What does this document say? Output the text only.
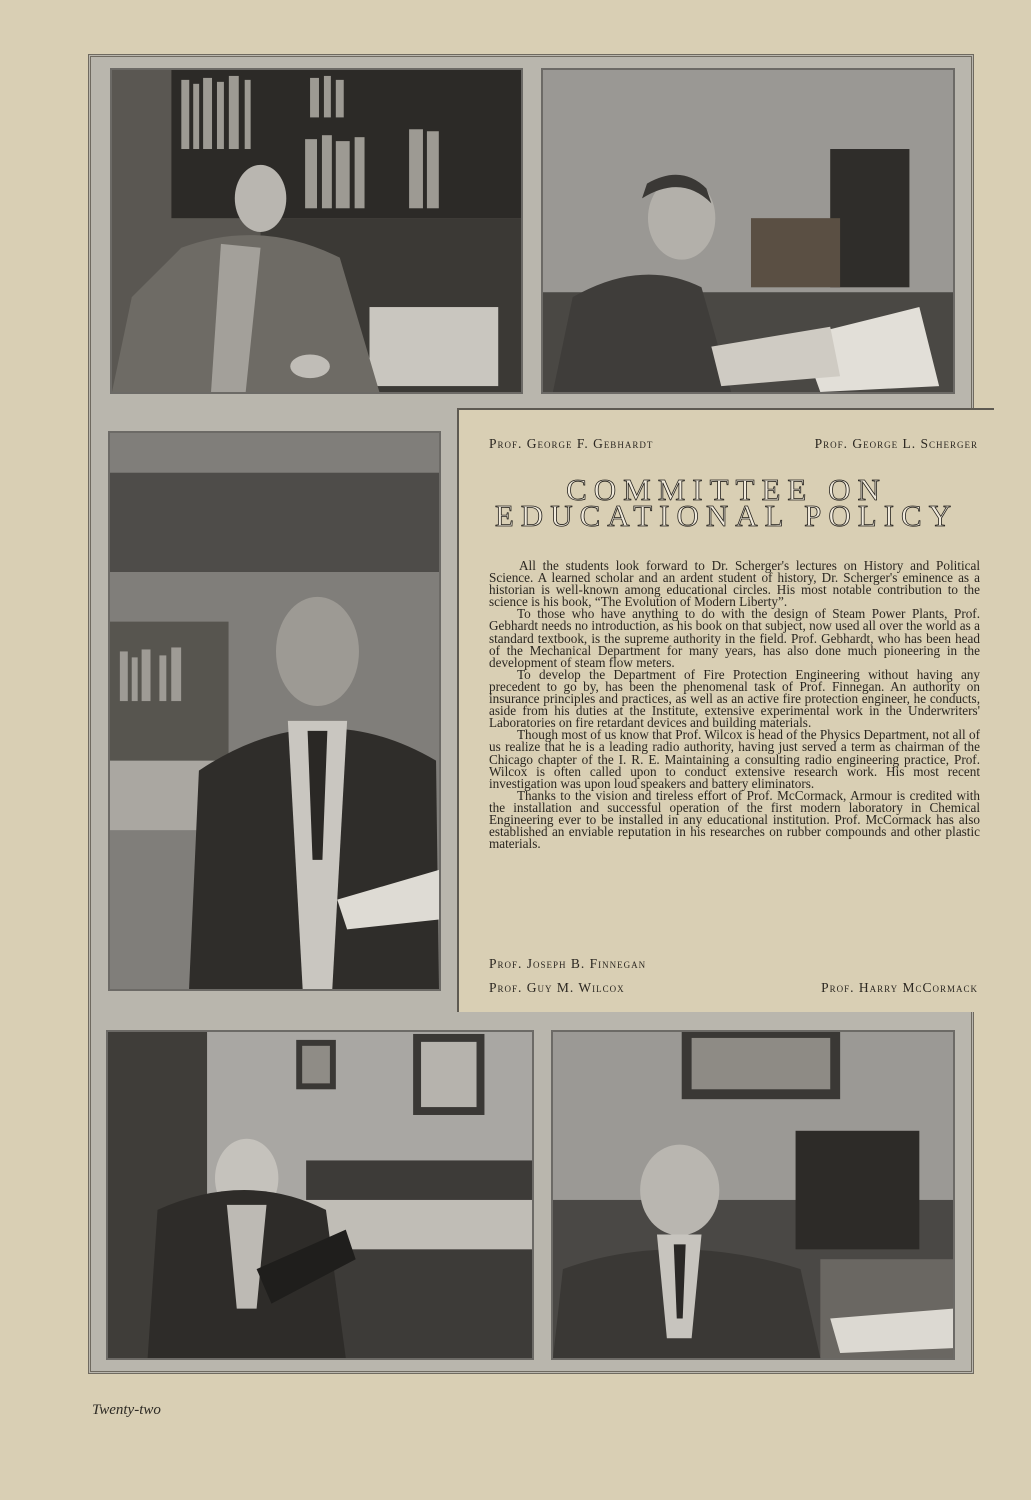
Prof. George F. Gebhardt	Prof. George L. Scherger
COMMITTEE ON
EDUCATIONAL POLICY

All the students look forward to Dr. Scherger's lectures on History and Political Science. A learned scholar and an ardent student of history, Dr. Scherger's eminence as a historian is well-known among educational circles. His most notable contribution to the science is his book, “The Evolution of Modern Liberty”.

To those who have anything to do with the design of Steam Power Plants, Prof. Gebhardt needs no introduction, as his book on that subject, now used all over the world as a standard textbook, is the supreme authority in the field. Prof. Gebhardt, who has been head of the Mechanical Department for many years, has also done much pioneering in the development of steam flow meters.

To develop the Department of Fire Protection Engineering without having any precedent to go by, has been the phenomenal task of Prof. Finnegan. An authority on insurance principles and practices, as well as an active fire protection engineer, he conducts, aside from his duties at the Institute, extensive experimental work in the Underwriters' Laboratories on fire retardant devices and building materials.

Though most of us know that Prof. Wilcox is head of the Physics Department, not all of us realize that he is a leading radio authority, having just served a term as chairman of the Chicago chapter of the I. R. E. Maintaining a consulting radio engineering practice, Prof. Wilcox is often called upon to conduct extensive research work. His most recent investigation was upon loud speakers and battery eliminators.

Thanks to the vision and tireless effort of Prof. McCormack, Armour is credited with the installation and successful operation of the first modern laboratory in Chemical Engineering ever to be installed in any educational institution. Prof. McCormack has also established an enviable reputation in his researches on rubber compounds and other plastic materials.

Prof. Joseph B. Finnegan
Prof. Guy M. Wilcox	Prof. Harry McCormack
Twenty-two
